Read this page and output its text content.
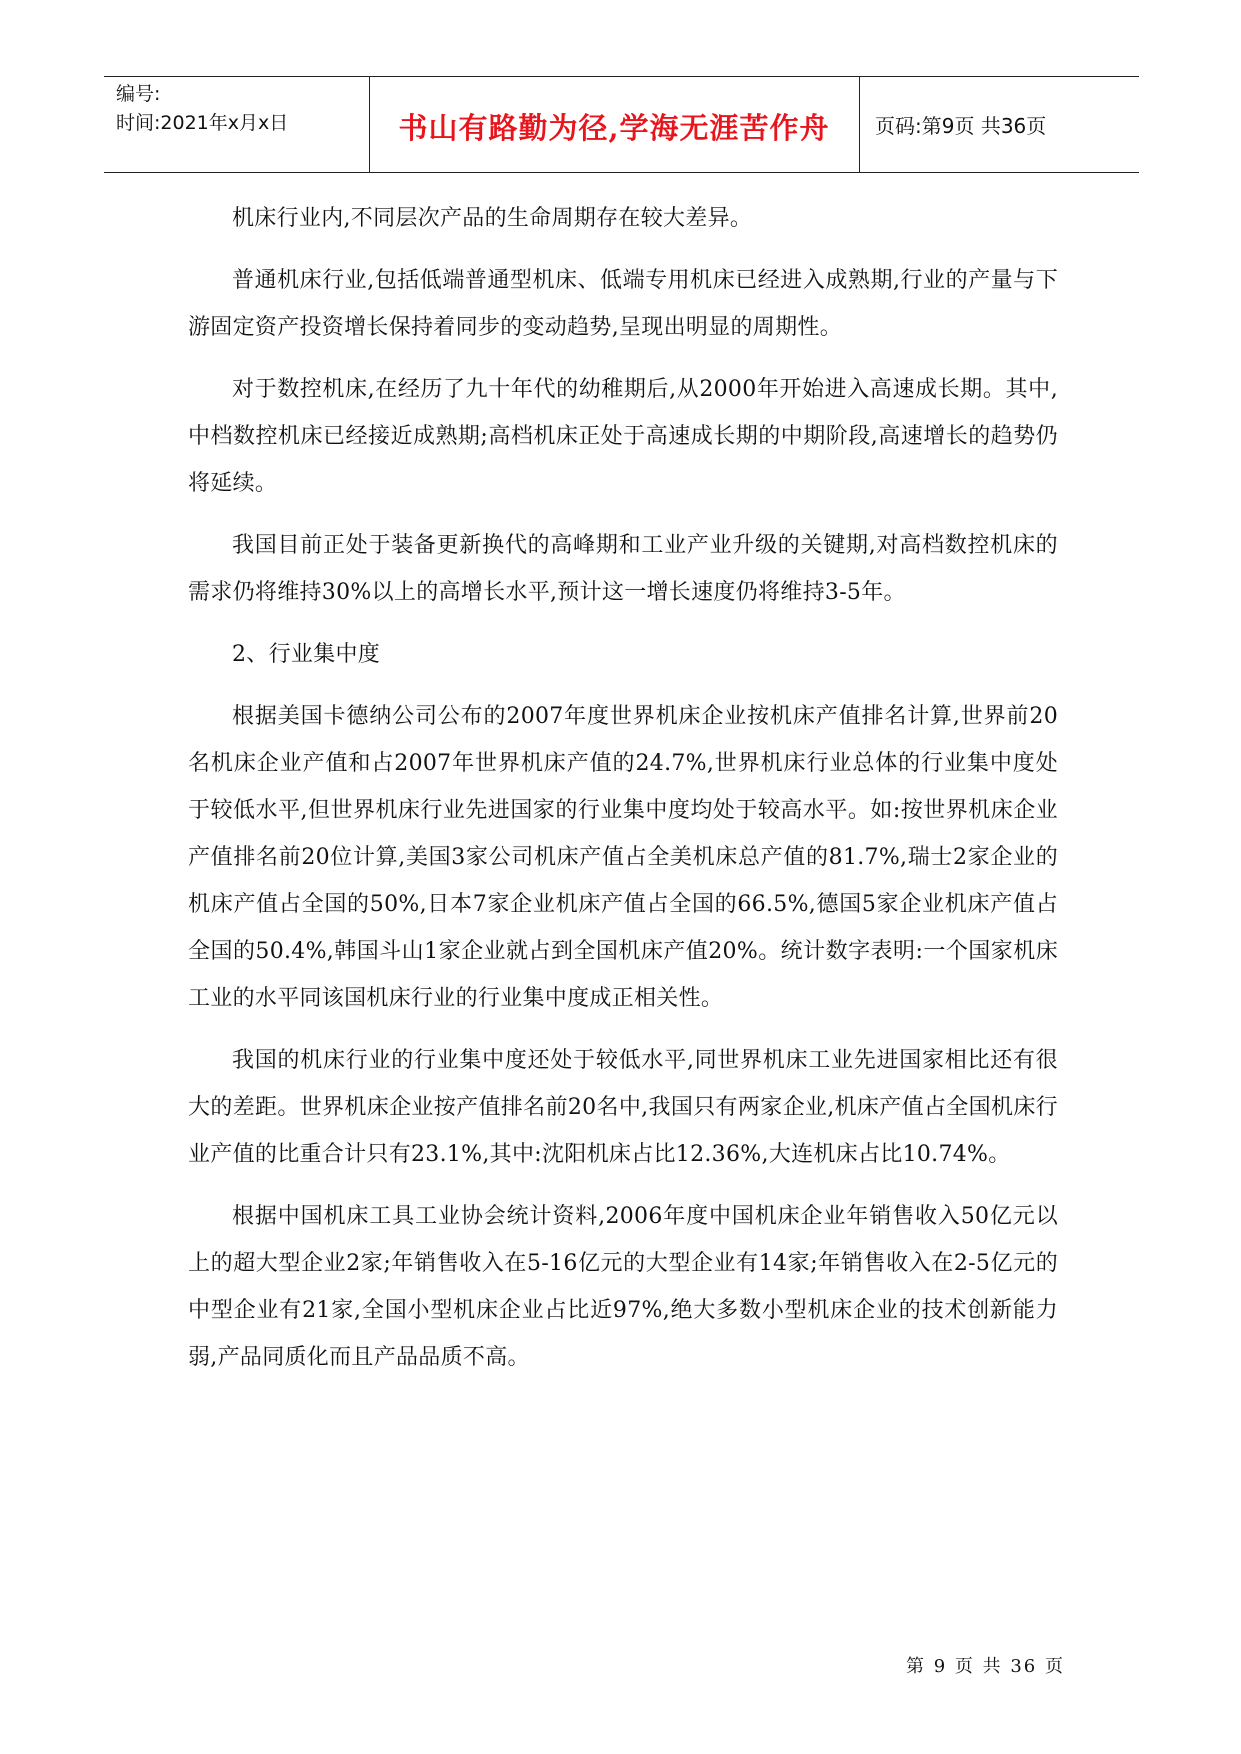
编号:
时间:2021年x月x日	书山有路勤为径,学海无涯苦作舟	页码:第9页 共36页

机床行业内,不同层次产品的生命周期存在较大差异。

普通机床行业,包括低端普通型机床、低端专用机床已经进入成熟期,行业的产量与下游固定资产投资增长保持着同步的变动趋势,呈现出明显的周期性。

对于数控机床,在经历了九十年代的幼稚期后,从2000年开始进入高速成长期。其中,中档数控机床已经接近成熟期;高档机床正处于高速成长期的中期阶段,高速增长的趋势仍将延续。

我国目前正处于装备更新换代的高峰期和工业产业升级的关键期,对高档数控机床的需求仍将维持30%以上的高增长水平,预计这一增长速度仍将维持3-5年。

2、行业集中度

根据美国卡德纳公司公布的2007年度世界机床企业按机床产值排名计算,世界前20名机床企业产值和占2007年世界机床产值的24.7%,世界机床行业总体的行业集中度处于较低水平,但世界机床行业先进国家的行业集中度均处于较高水平。如:按世界机床企业产值排名前20位计算,美国3家公司机床产值占全美机床总产值的81.7%,瑞士2家企业的机床产值占全国的50%,日本7家企业机床产值占全国的66.5%,德国5家企业机床产值占全国的50.4%,韩国斗山1家企业就占到全国机床产值20%。统计数字表明:一个国家机床工业的水平同该国机床行业的行业集中度成正相关性。

我国的机床行业的行业集中度还处于较低水平,同世界机床工业先进国家相比还有很大的差距。世界机床企业按产值排名前20名中,我国只有两家企业,机床产值占全国机床行业产值的比重合计只有23.1%,其中:沈阳机床占比12.36%,大连机床占比10.74%。

根据中国机床工具工业协会统计资料,2006年度中国机床企业年销售收入50亿元以上的超大型企业2家;年销售收入在5-16亿元的大型企业有14家;年销售收入在2-5亿元的中型企业有21家,全国小型机床企业占比近97%,绝大多数小型机床企业的技术创新能力弱,产品同质化而且产品品质不高。

第 9 页 共 36 页
